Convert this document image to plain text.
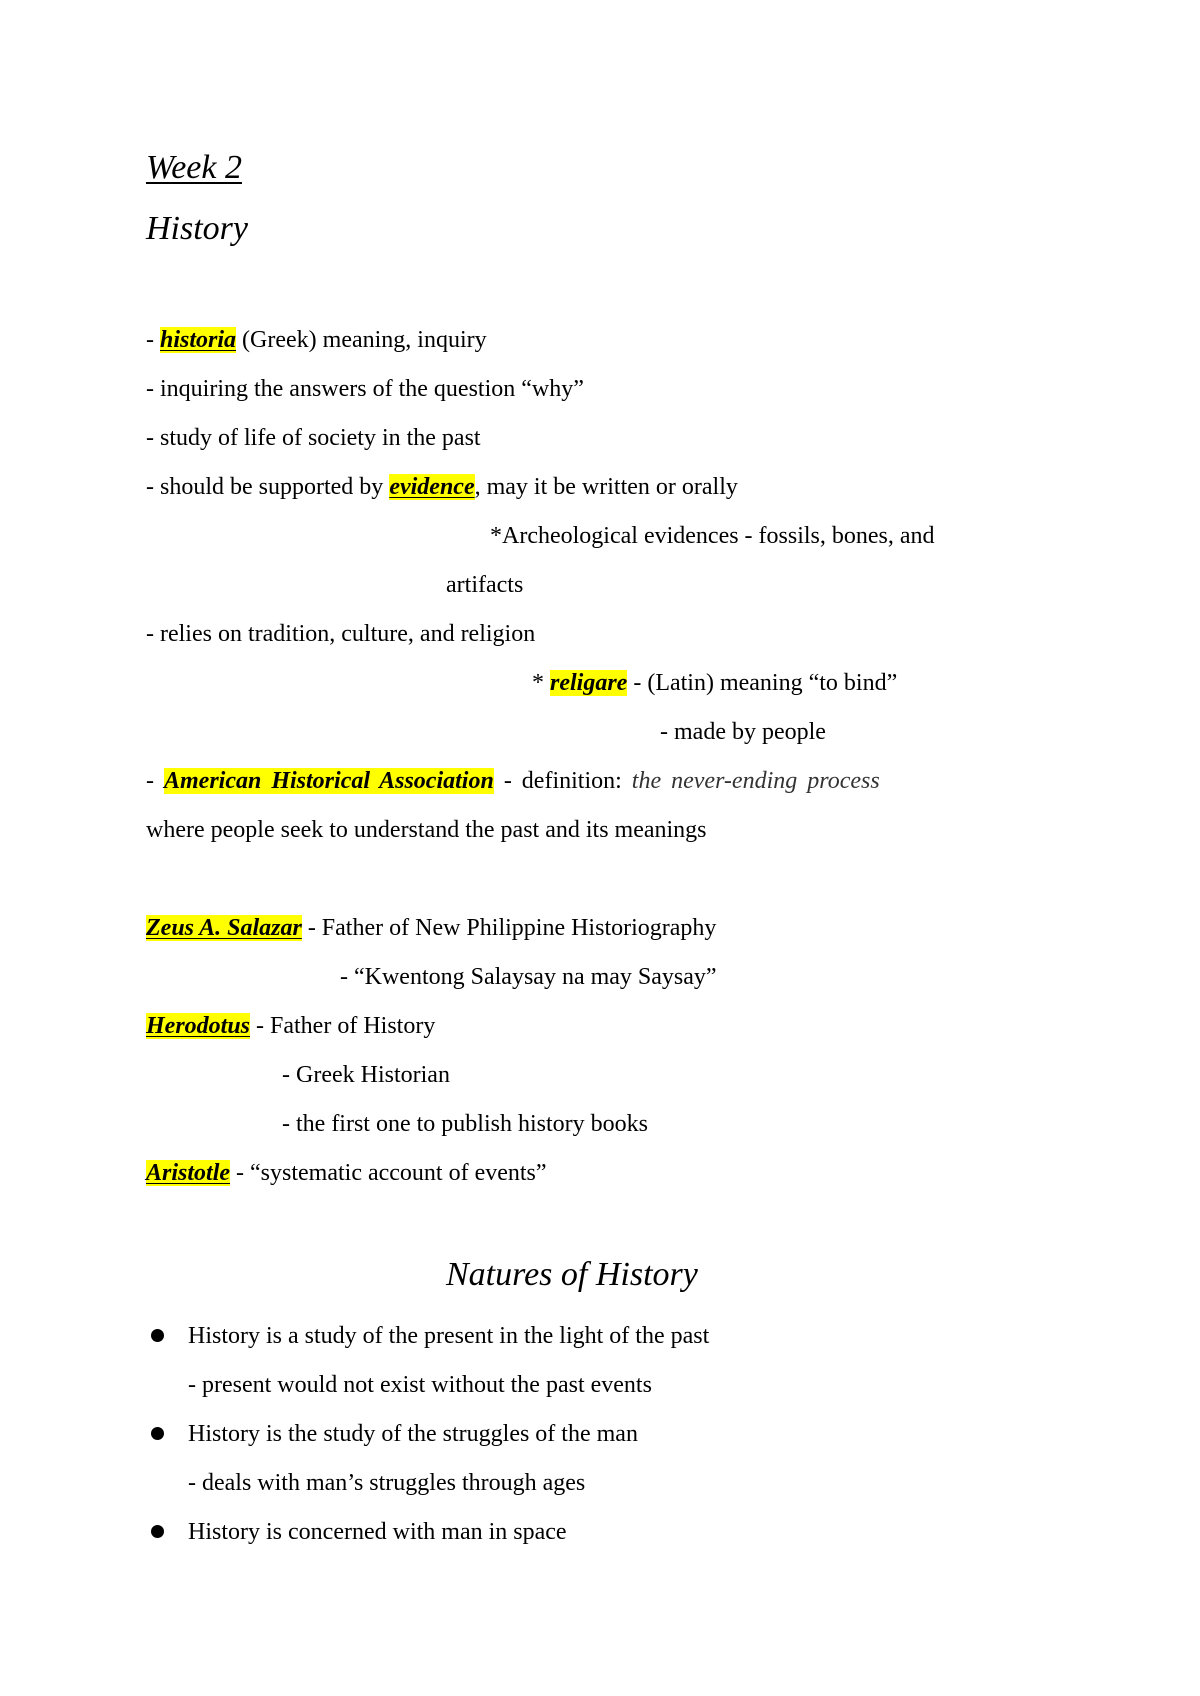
Week 2
History
- historia (Greek) meaning, inquiry
- inquiring the answers of the question “why”
- study of life of society in the past
- should be supported by evidence, may it be written or orally
*Archeological evidences - fossils, bones, and
artifacts
- relies on tradition, culture, and religion
* religare - (Latin) meaning “to bind”
- made by people
- American Historical Association - definition: the never-ending process
where people seek to understand the past and its meanings
Zeus A. Salazar - Father of New Philippine Historiography
- “Kwentong Salaysay na may Saysay”
Herodotus - Father of History
- Greek Historian
- the first one to publish history books
Aristotle - “systematic account of events”
Natures of History
History is a study of the present in the light of the past
- present would not exist without the past events
History is the study of the struggles of the man
- deals with man’s struggles through ages
History is concerned with man in space
